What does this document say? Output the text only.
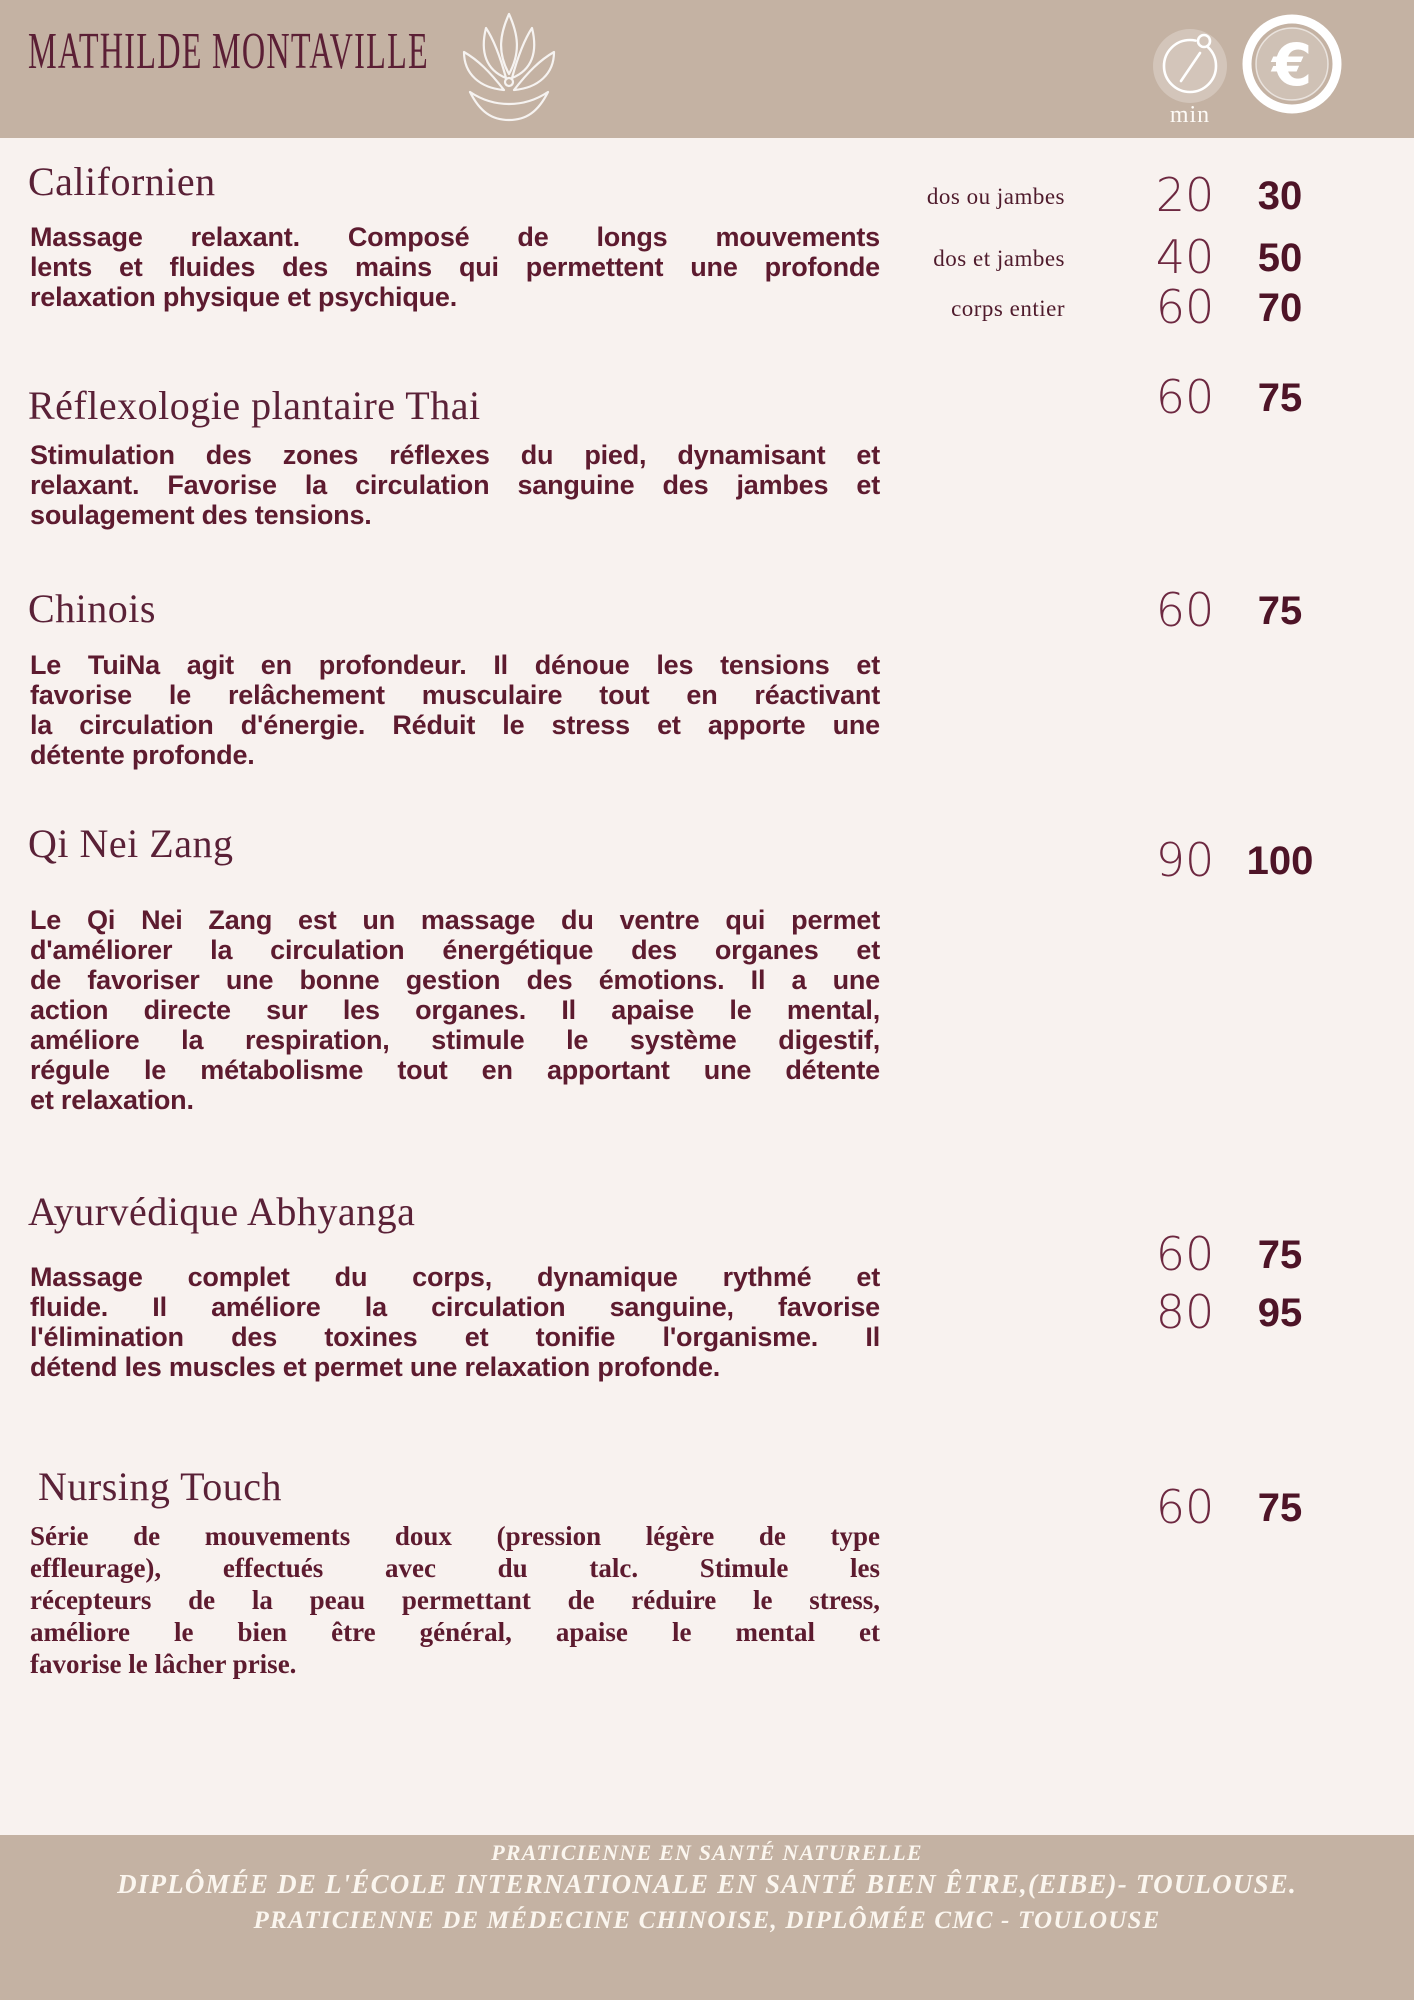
MATHILDE MONTAVILLE
min
€
Californien
Massage relaxant. Composé de longs mouvements
lents et fluides des mains qui permettent une profonde
relaxation physique et psychique.
dos ou jambes	20	30
dos et jambes	40	50
corps entier	60	70
Réflexologie plantaire Thai
Stimulation des zones réflexes du pied, dynamisant et
relaxant. Favorise la circulation sanguine des jambes et
soulagement des tensions.
60	75
Chinois
Le TuiNa agit en profondeur. Il dénoue les tensions et
favorise le relâchement musculaire tout en réactivant
la circulation d'énergie. Réduit le stress et apporte une
détente profonde.
60	75
Qi Nei Zang
Le Qi Nei Zang est un massage du ventre qui permet
d'améliorer la circulation énergétique des organes et
de favoriser une bonne gestion des émotions. Il a une
action directe sur les organes. Il apaise le mental,
améliore la respiration, stimule le système digestif,
régule le métabolisme tout en apportant une détente
et relaxation.
90 100
Ayurvédique Abhyanga
Massage complet du corps, dynamique rythmé et
fluide. Il améliore la circulation sanguine, favorise
l'élimination des toxines et tonifie l'organisme. Il
détend les muscles et permet une relaxation profonde.
60	75
80	95
Nursing Touch
Série de mouvements doux (pression légère de type
effleurage), effectués avec du talc. Stimule les
récepteurs de la peau permettant de réduire le stress,
améliore le bien être général, apaise le mental et
favorise le lâcher prise.
60	75
PRATICIENNE EN SANTÉ NATURELLE
DIPLÔMÉE DE L'ÉCOLE INTERNATIONALE EN SANTÉ BIEN ÊTRE,(EIBE)- TOULOUSE.
PRATICIENNE DE MÉDECINE CHINOISE, DIPLÔMÉE CMC - TOULOUSE
